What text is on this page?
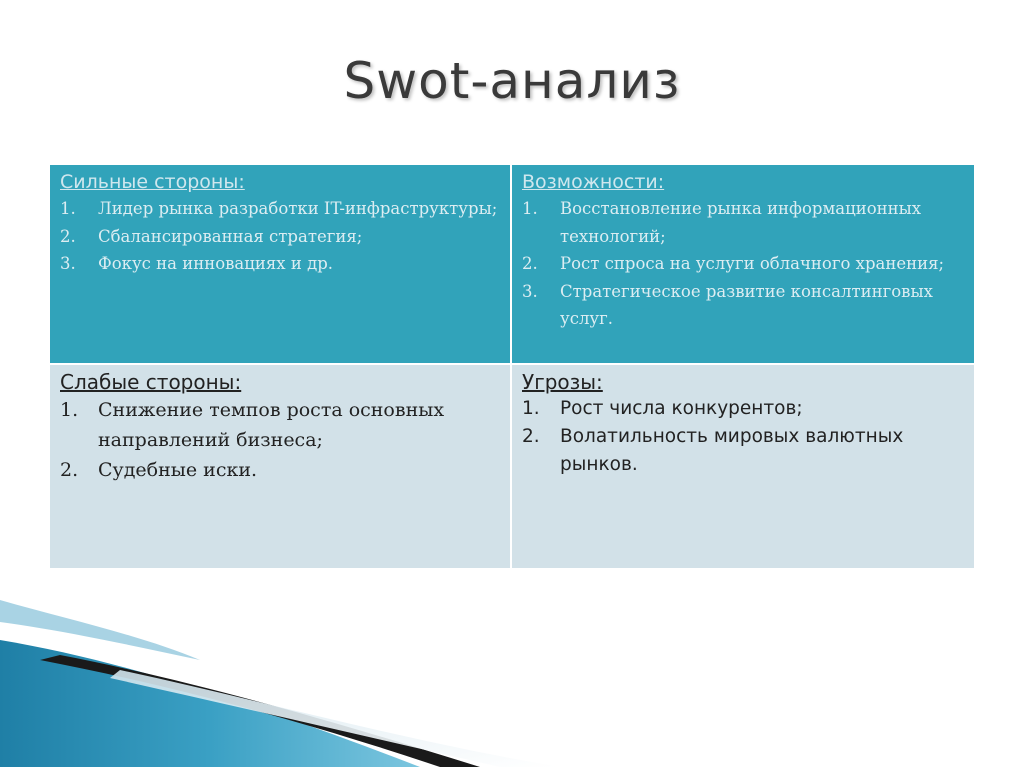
Swot-анализ

Сильные стороны:

1. Лидер рынка разработки IT-инфраструктуры;
2. Сбалансированная стратегия;
3. Фокус на инновациях и др.

Возможности:

1. Восстановление рынка информационных технологий;
2. Рост спроса на услуги облачного хранения;
3. Стратегическое развитие консалтинговых услуг.

Слабые стороны:

1. Снижение темпов роста основных направлений бизнеса;
2. Судебные иски.

Угрозы:

1. Рост числа конкурентов;
2. Волатильность мировых валютных рынков.
